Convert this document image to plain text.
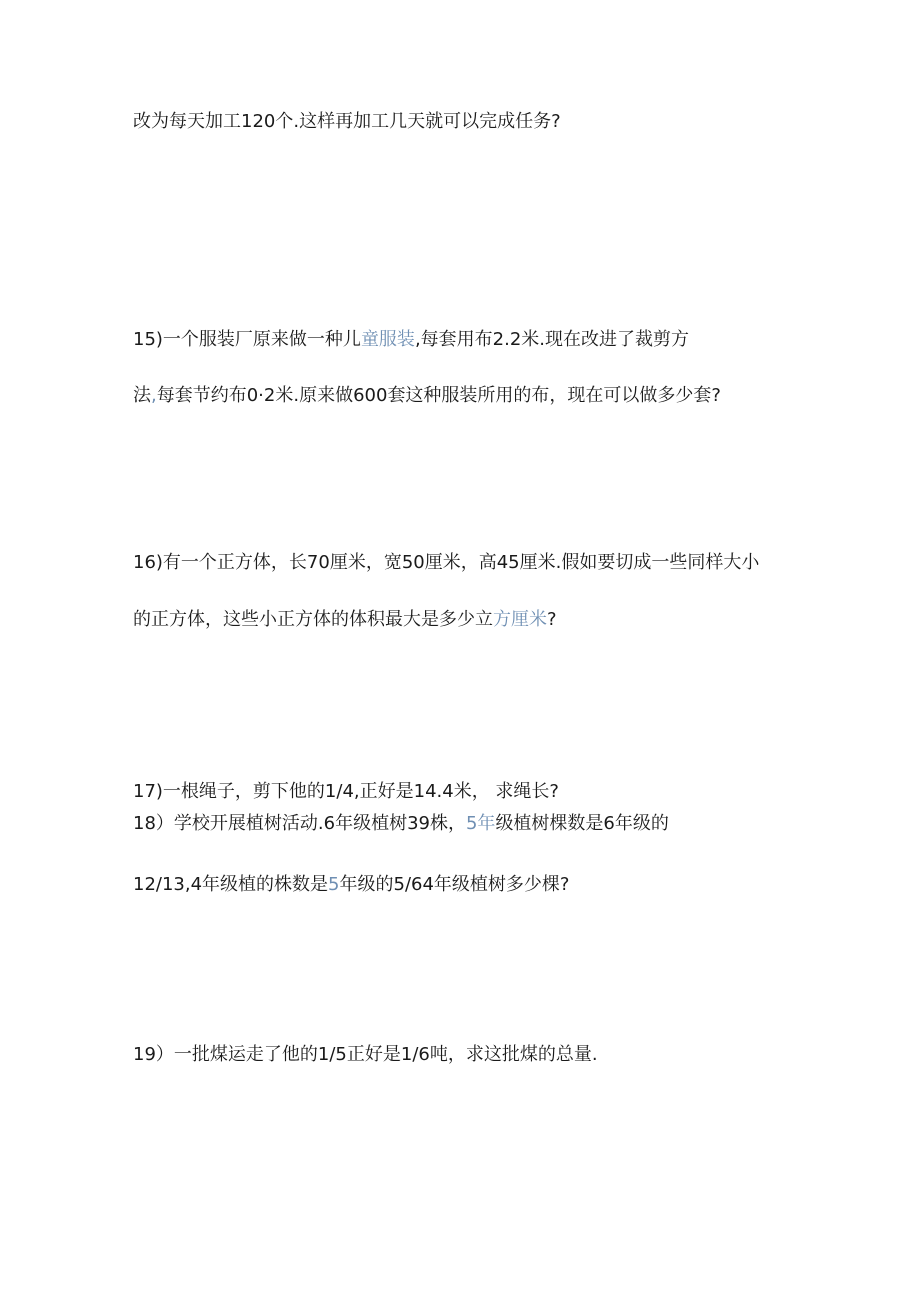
改为每天加工120个.这样再加工几天就可以完成任务?
15)一个服装厂原来做一种儿童服装,每套用布2.2米.现在改进了裁剪方
法,每套节约布0·2米.原来做600套这种服装所用的布，现在可以做多少套?
16)有一个正方体，长70厘米，宽50厘米，高45厘米.假如要切成一些同样大小
的正方体，这些小正方体的体积最大是多少立方厘米?
17)一根绳子，剪下他的1/4,正好是14.4米， 求绳长?
18）学校开展植树活动.6年级植树39株，5年级植树棵数是6年级的
12/13,4年级植的株数是5年级的5/64年级植树多少棵?
19）一批煤运走了他的1/5正好是1/6吨，求这批煤的总量.
